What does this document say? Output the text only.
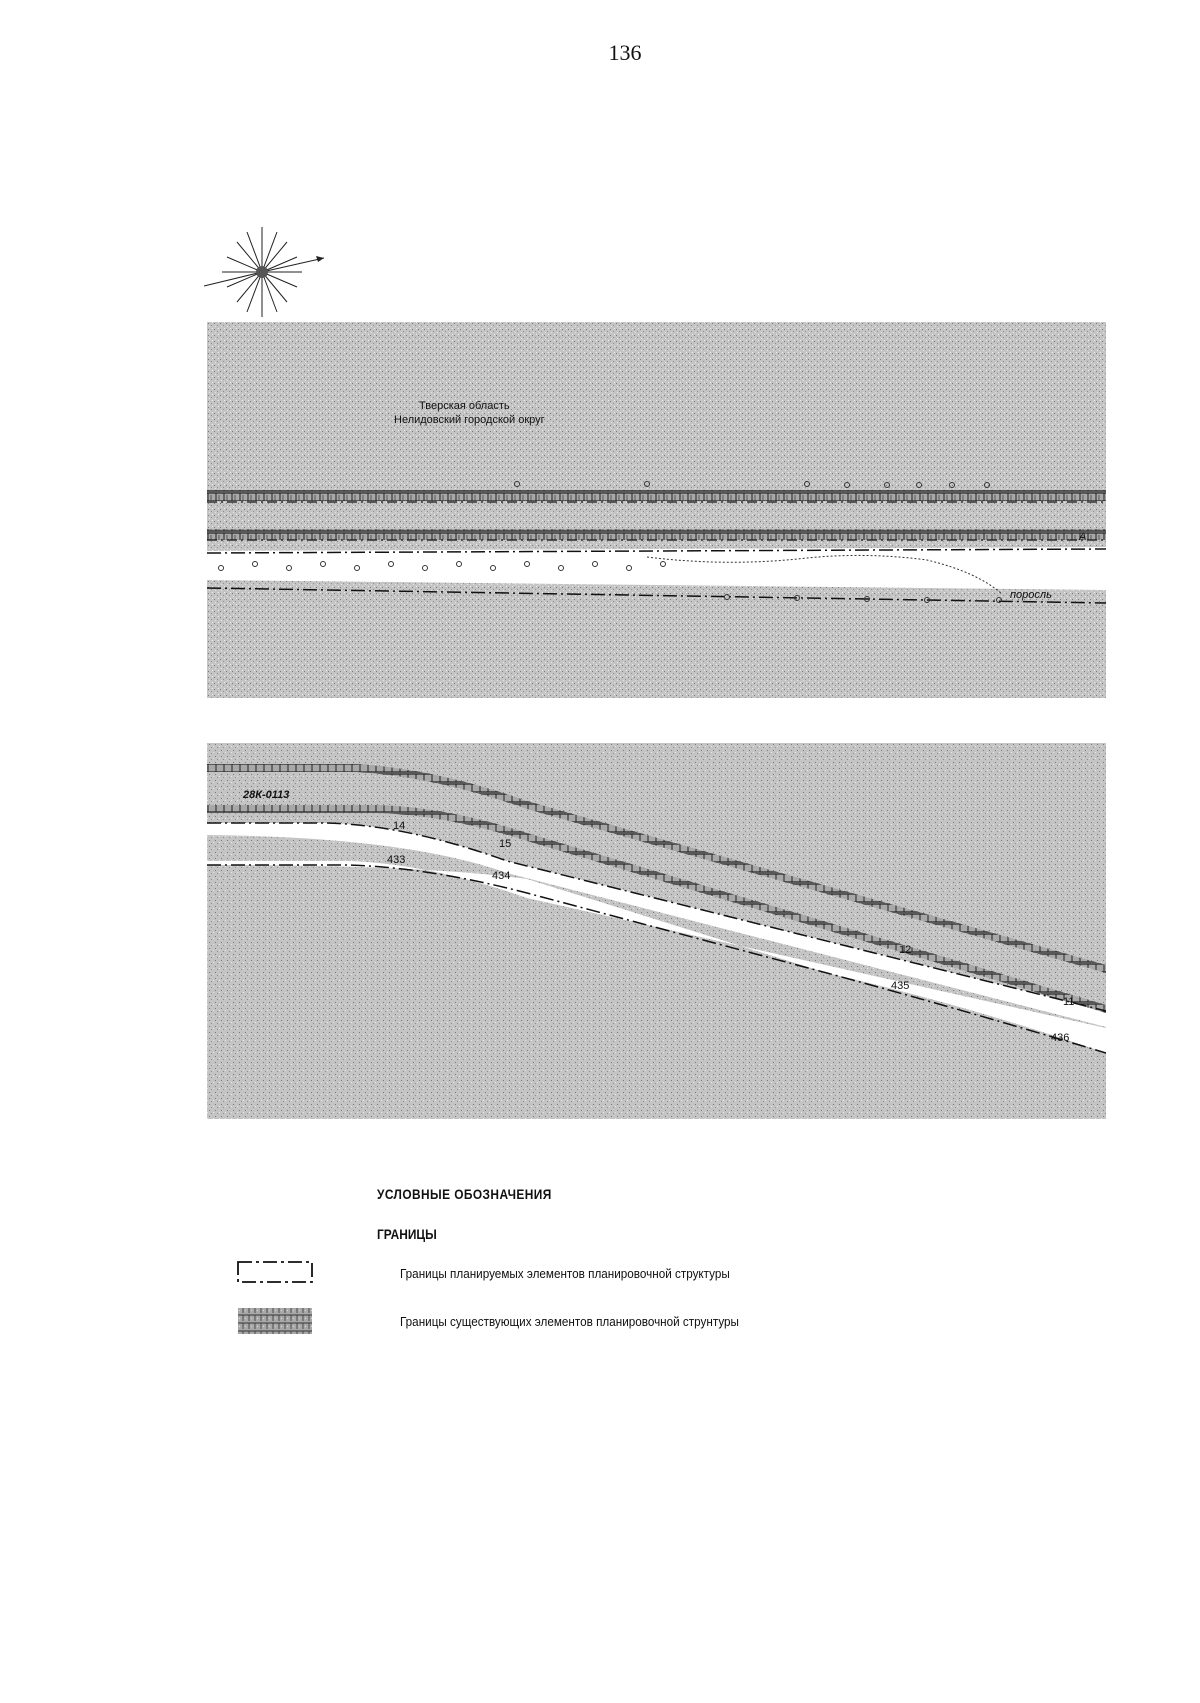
136
Тверская область
Нелидовский городской округ
А
поросль
28К-0113
14
15
12
11
433
434
435
436
УСЛОВНЫЕ ОБОЗНАЧЕНИЯ
ГРАНИЦЫ
Границы планируемых элементов планировочной структуры
Границы существующих элементов планировочной струнтуры
